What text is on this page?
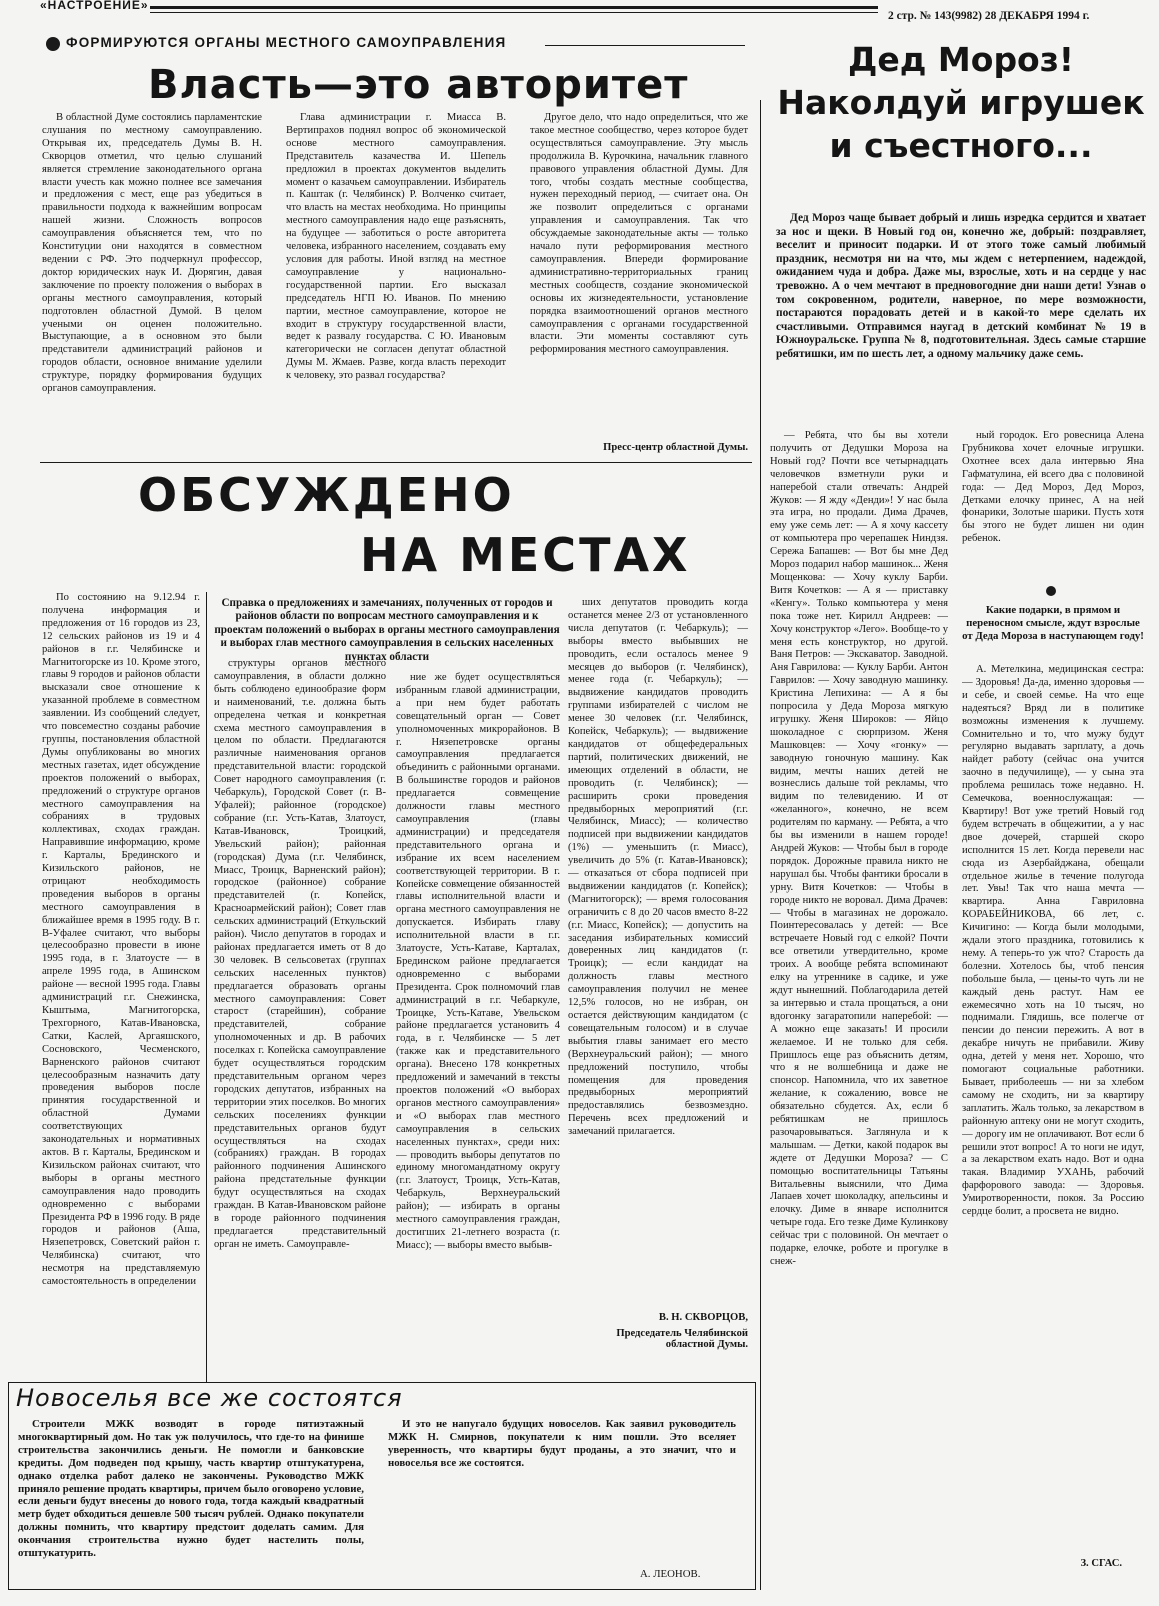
«НАСТРОЕНИЕ»
2 стр. № 143(9982) 28 ДЕКАБРЯ 1994 г.
ФОРМИРУЮТСЯ ОРГАНЫ МЕСТНОГО САМОУПРАВЛЕНИЯ
Власть—это авторитет

В областной Думе состоялись парламентские слушания по местному самоуправлению. Открывая их, председатель Думы В. Н. Скворцов отметил, что целью слушаний является стремление законодательного органа власти учесть как можно полнее все замечания и предложения с мест, еще раз убедиться в правильности подхода к важнейшим вопросам нашей жизни. Сложность вопросов самоуправления объясняется тем, что по Конституции они находятся в совместном ведении с РФ. Это подчеркнул профессор, доктор юридических наук И. Дюрягин, давая заключение по проекту положения о выборах в органы местного самоуправления, который подготовлен областной Думой. В целом учеными он оценен положительно. Выступающие, а в основном это были представители администраций районов и городов области, основное внимание уделили структуре, порядку формирования будущих органов самоуправления.

Глава администрации г. Миасса В. Вертипрахов поднял вопрос об экономической основе местного самоуправления. Представитель казачества И. Шепель предложил в проектах документов выделить момент о казачьем самоуправлении. Избиратель п. Каштак (г. Челябинск) Р. Волченко считает, что власть на местах необходима. Но принципы местного самоуправления надо еще разъяснять, на будущее — заботиться о росте авторитета человека, избранного населением, создавать ему условия для работы. Иной взгляд на местное самоуправление у национально-государственной партии. Его высказал председатель НГП Ю. Иванов. По мнению партии, местное самоуправление, которое не входит в структуру государственной власти, ведет к развалу государства. С Ю. Ивановым категорически не согласен депутат областной Думы М. Жмаев. Разве, когда власть переходит к человеку, это развал государства?

Другое дело, что надо определиться, что же такое местное сообщество, через которое будет осуществляться самоуправление. Эту мысль продолжила В. Курочкина, начальник главного правового управления областной Думы. Для того, чтобы создать местные сообщества, нужен переходный период, — считает она. Он же позволит определиться с органами управления и самоуправления. Так что обсуждаемые законодательные акты — только начало пути реформирования местного самоуправления. Впереди формирование административно-территориальных границ местных сообществ, создание экономической основы их жизнедеятельности, установление порядка взаимоотношений органов местного самоуправления с органами государственной власти. Эти моменты составляют суть реформирования местного самоуправления.

Пресс-центр областной Думы.
ОБСУЖДЕНО
НА МЕСТАХ

По состоянию на 9.12.94 г. получена информация и предложения от 16 городов из 23, 12 сельских районов из 19 и 4 районов в г.г. Челябинске и Магнитогорске из 10. Кроме этого, главы 9 городов и районов области высказали свое отношение к указанной проблеме в совместном заявлении. Из сообщений следует, что повсеместно созданы рабочие группы, постановления областной Думы опубликованы во многих местных газетах, идет обсуждение проектов положений о выборах, предложений о структуре органов местного самоуправления на собраниях в трудовых коллективах, сходах граждан. Направившие информацию, кроме г. Карталы, Брединского и Кизильского районов, не отрицают необходимость проведения выборов в органы местного самоуправления в ближайшее время в 1995 году. В г. В-Уфалее считают, что выборы целесообразно провести в июне 1995 года, в г. Златоусте — в апреле 1995 года, в Ашинском районе — весной 1995 года. Главы администраций г.г. Снежинска, Кыштыма, Магнитогорска, Трехгорного, Катав-Ивановска, Сатки, Каслей, Аргаяшского, Сосновского, Чесменского, Варненского районов считают целесообразным назначить дату проведения выборов после принятия государственной и областной Думами соответствующих законодательных и нормативных актов. В г. Карталы, Брединском и Кизильском районах считают, что выборы в органы местного самоуправления надо проводить одновременно с выборами Президента РФ в 1996 году. В ряде городов и районов (Аша, Нязепетровск, Советский район г. Челябинска) считают, что несмотря на представляемую самостоятельность в определении

Справка о предложениях и замечаниях, полученных от городов и районов области по вопросам местного самоуправления и к проектам положений о выборах в органы местного самоуправления и выборах глав местного самоуправления в сельских населенных пунктах области

структуры органов местного самоуправления, в области должно быть соблюдено единообразие форм и наименований, т.е. должна быть определена четкая и конкретная схема местного самоуправления в целом по области. Предлагаются различные наименования органов представительной власти: городской Совет народного самоуправления (г. Чебаркуль), Городской Совет (г. В-Уфалей); районное (городское) собрание (г.г. Усть-Катав, Златоуст, Катав-Ивановск, Троицкий, Увельский район); районная (городская) Дума (г.г. Челябинск, Миасс, Троицк, Варненский район); городское (районное) собрание представителей (г. Копейск, Красноармейский район); Совет глав сельских администраций (Еткульский район). Число депутатов в городах и районах предлагается иметь от 8 до 30 человек. В сельсоветах (группах сельских населенных пунктов) предлагается образовать органы местного самоуправления: Совет старост (старейшин), собрание представителей, собрание уполномоченных и др. В рабочих поселках г. Копейска самоуправление будет осуществляться городским представительным органом через городских депутатов, избранных на территории этих поселков. Во многих сельских поселениях функции представительных органов будут осуществляться на сходах (собраниях) граждан. В городах районного подчинения Ашинского района предстательные функции будут осуществляться на сходах граждан. В Катав-Ивановском районе в городе районного подчинения предлагается представительный орган не иметь. Самоуправле-

ние же будет осуществляться избранным главой администрации, а при нем будет работать совещательный орган — Совет уполномоченных микрорайонов. В г. Нязепетровске органы самоуправления предлагается объединить с районными органами. В большинстве городов и районов предлагается совмещение должности главы местного самоуправления (главы администрации) и председателя представительного органа и избрание их всем населением соответствующей территории. В г. Копейске совмещение обязанностей главы исполнительной власти и органа местного самоуправления не допускается. Избирать главу исполнительной власти в г.г. Златоусте, Усть-Катаве, Карталах, Брединском районе предлагается одновременно с выборами Президента. Срок полномочий глав администраций в г.г. Чебаркуле, Троицке, Усть-Катаве, Увельском районе предлагается установить 4 года, в г. Челябинске — 5 лет (также как и представительного органа). Внесено 178 конкретных предложений и замечаний в тексты проектов положений «О выборах органов местного самоуправления» и «О выборах глав местного самоуправления в сельских населенных пунктах», среди них: — проводить выборы депутатов по единому многомандатному округу (г.г. Златоуст, Троицк, Усть-Катав, Чебаркуль, Верхнеуральский район); — избирать в органы местного самоуправления граждан, достигших 21-летнего возраста (г. Миасс); — выборы вместо выбыв-

ших депутатов проводить когда останется менее 2/3 от установленного числа депутатов (г. Чебаркуль); — выборы вместо выбывших не проводить, если осталось менее 9 месяцев до выборов (г. Челябинск), менее года (г. Чебаркуль); — выдвижение кандидатов проводить группами избирателей с числом не менее 30 человек (г.г. Челябинск, Копейск, Чебаркуль); — выдвижение кандидатов от общефедеральных партий, политических движений, не имеющих отделений в области, не проводить (г. Челябинск); — расширить сроки проведения предвыборных мероприятий (г.г. Челябинск, Миасс); — количество подписей при выдвижении кандидатов (1%) — уменьшить (г. Миасс), увеличить до 5% (г. Катав-Ивановск); — отказаться от сбора подписей при выдвижении кандидатов (г. Копейск); (Магнитогорск); — время голосования ограничить с 8 до 20 часов вместо 8-22 (г.г. Миасс, Копейск); — допустить на заседания избирательных комиссий доверенных лиц кандидатов (г. Троицк); — если кандидат на должность главы местного самоуправления получил не менее 12,5% голосов, но не избран, он остается действующим кандидатом (с совещательным голосом) и в случае выбытия главы занимает его место (Верхнеуральский район); — много предложений поступило, чтобы помещения для проведения предвыборных мероприятий предоставлялись безвозмездно. Перечень всех предложений и замечаний прилагается.

В. Н. СКВОРЦОВ,
Председатель Челябинской областной Думы.
Новоселья все же состоятся

Строители МЖК возводят в городе пятиэтажный многоквартирный дом. Но так уж получилось, что где-то на финише строительства закончились деньги. Не помогли и банковские кредиты. Дом подведен под крышу, часть квартир отштукатурена, однако отделка работ далеко не закончены. Руководство МЖК приняло решение продать квартиры, причем было оговорено условие, если деньги будут внесены до нового года, тогда каждый квадратный метр будет обходиться дешевле 500 тысяч рублей. Однако покупатели должны помнить, что квартиру предстоит доделать самим. Для окончания строительства нужно будет настелить полы, отштукатурить.

И это не напугало будущих новоселов. Как заявил руководитель МЖК Н. Смирнов, покупатели к ним пошли. Это вселяет уверенность, что квартиры будут проданы, а это значит, что и новоселья все же состоятся.

А. ЛЕОНОВ.
Дед Мороз!
Наколдуй игрушек
и съестного...

Дед Мороз чаще бывает добрый и лишь изредка сердится и хватает за нос и щеки. В Новый год он, конечно же, добрый: поздравляет, веселит и приносит подарки. И от этого тоже самый любимый праздник, несмотря ни на что, мы ждем с нетерпением, надеждой, ожиданием чуда и добра. Даже мы, взрослые, хоть и на сердце у нас тревожно. А о чем мечтают в предновогодние дни наши дети! Узнав о том сокровенном, родители, наверное, по мере возможности, постараются порадовать детей и в какой-то мере сделать их счастливыми. Отправимся наугад в детский комбинат № 19 в Южноуральске. Группа № 8, подготовительная. Здесь самые старшие ребятишки, им по шесть лет, а одному мальчику даже семь.

— Ребята, что бы вы хотели получить от Дедушки Мороза на Новый год? Почти все четырнадцать человечков взметнули руки и наперебой стали отвечать: Андрей Жуков: — Я жду «Денди»! У нас была эта игра, но продали. Дима Драчев, ему уже семь лет: — А я хочу кассету от компьютера про черепашек Ниндзя. Сережа Бапашев: — Вот бы мне Дед Мороз подарил набор машинок... Женя Мощенкова: — Хочу куклу Барби. Витя Кочетков: — А я — приставку «Кенгу». Только компьютера у меня пока тоже нет. Кирилл Андреев: — Хочу конструктор «Лего». Вообще-то у меня есть конструктор, но другой. Ваня Петров: — Экскаватор. Заводной. Аня Гаврилова: — Куклу Барби. Антон Гаврилов: — Хочу заводную машинку. Кристина Лепихина: — А я бы попросила у Деда Мороза мягкую игрушку. Женя Широков: — Яйцо шоколадное с сюрпризом. Женя Машковцев: — Хочу «гонку» — заводную гоночную машину. Как видим, мечты наших детей не вознеслись дальше той рекламы, что видим по телевидению. И от «желанного», конечно, не всем родителям по карману. — Ребята, а что бы вы изменили в нашем городе! Андрей Жуков: — Чтобы был в городе порядок. Дорожные правила никто не нарушал бы. Чтобы фантики бросали в урну. Витя Кочетков: — Чтобы в городе никто не воровал. Дима Драчев: — Чтобы в магазинах не дорожало. Поинтересовалась у детей: — Все встречаете Новый год с елкой? Почти все ответили утвердительно, кроме троих. А вообще ребята вспоминают елку на утреннике в садике, и уже ждут нынешний. Поблагодарила детей за интервью и стала прощаться, а они вдогонку загаратопили наперебой: — А можно еще заказать! И просили желаемое. И не только для себя. Пришлось еще раз объяснить детям, что я не волшебница и даже не спонсор. Напомнила, что их заветное желание, к сожалению, вовсе не обязательно сбудется. Ах, если б ребятишкам не пришлось разочаровываться. Заглянула и к малышам. — Детки, какой подарок вы ждете от Дедушки Мороза? — С помощью воспитательницы Татьяны Витальевны выяснили, что Дима Лапаев хочет шоколадку, апельсины и елочку. Диме в январе исполнится четыре года. Его тезке Диме Кулинкову сейчас три с половиной. Он мечтает о подарке, елочке, роботе и прогулке в снеж-

ный городок. Его ровесница Алена Грубникова хочет елочные игрушки. Охотнее всех дала интервью Яна Гафматулина, ей всего два с половиной года: — Дед Мороз, Дед Мороз, Детками елочку принес, А на ней фонарики, Золотые шарики. Пусть хотя бы этого не будет лишен ни один ребенок.

Какие подарки, в прямом и переносном смысле, ждут взрослые от Деда Мороза в наступающем году!

А. Метелкина, медицинская сестра: — Здоровья! Да-да, именно здоровья — и себе, и своей семье. На что еще надеяться? Вряд ли в политике возможны изменения к лучшему. Сомнительно и то, что мужу будут регулярно выдавать зарплату, а дочь найдет работу (сейчас она учится заочно в педучилище), — у сына эта проблема решилась тоже недавно. Н. Семечкова, военнослужащая: — Квартиру! Вот уже третий Новый год будем встречать в общежитии, а у нас двое дочерей, старшей скоро исполнится 15 лет. Когда перевели нас сюда из Азербайджана, обещали отдельное жилье в течение полугода лет. Увы! Так что наша мечта — квартира. Анна Гавриловна КОРАБЕЙНИКОВА, 66 лет, с. Кичигино: — Когда были молодыми, ждали этого праздника, готовились к нему. А теперь-то уж что? Старость да болезни. Хотелось бы, чтоб пенсия побольше была, — цены-то чуть ли не каждый день растут. Нам ее ежемесячно хоть на 10 тысяч, но поднимали. Глядишь, все полегче от пенсии до пенсии пережить. А вот в декабре ничуть не прибавили. Живу одна, детей у меня нет. Хорошо, что помогают социальные работники. Бывает, приболеешь — ни за хлебом самому не сходить, ни за квартиру заплатить. Жаль только, за лекарством в районную аптеку они не могут сходить, — дорогу им не оплачивают. Вот если б решили этот вопрос! А то ноги не идут, а за лекарством ехать надо. Вот и одна такая. Владимир УХАНЬ, рабочий фарфорового завода: — Здоровья. Умиротворенности, покоя. За Россию сердце болит, а просвета не видно.

З. СГАС.
